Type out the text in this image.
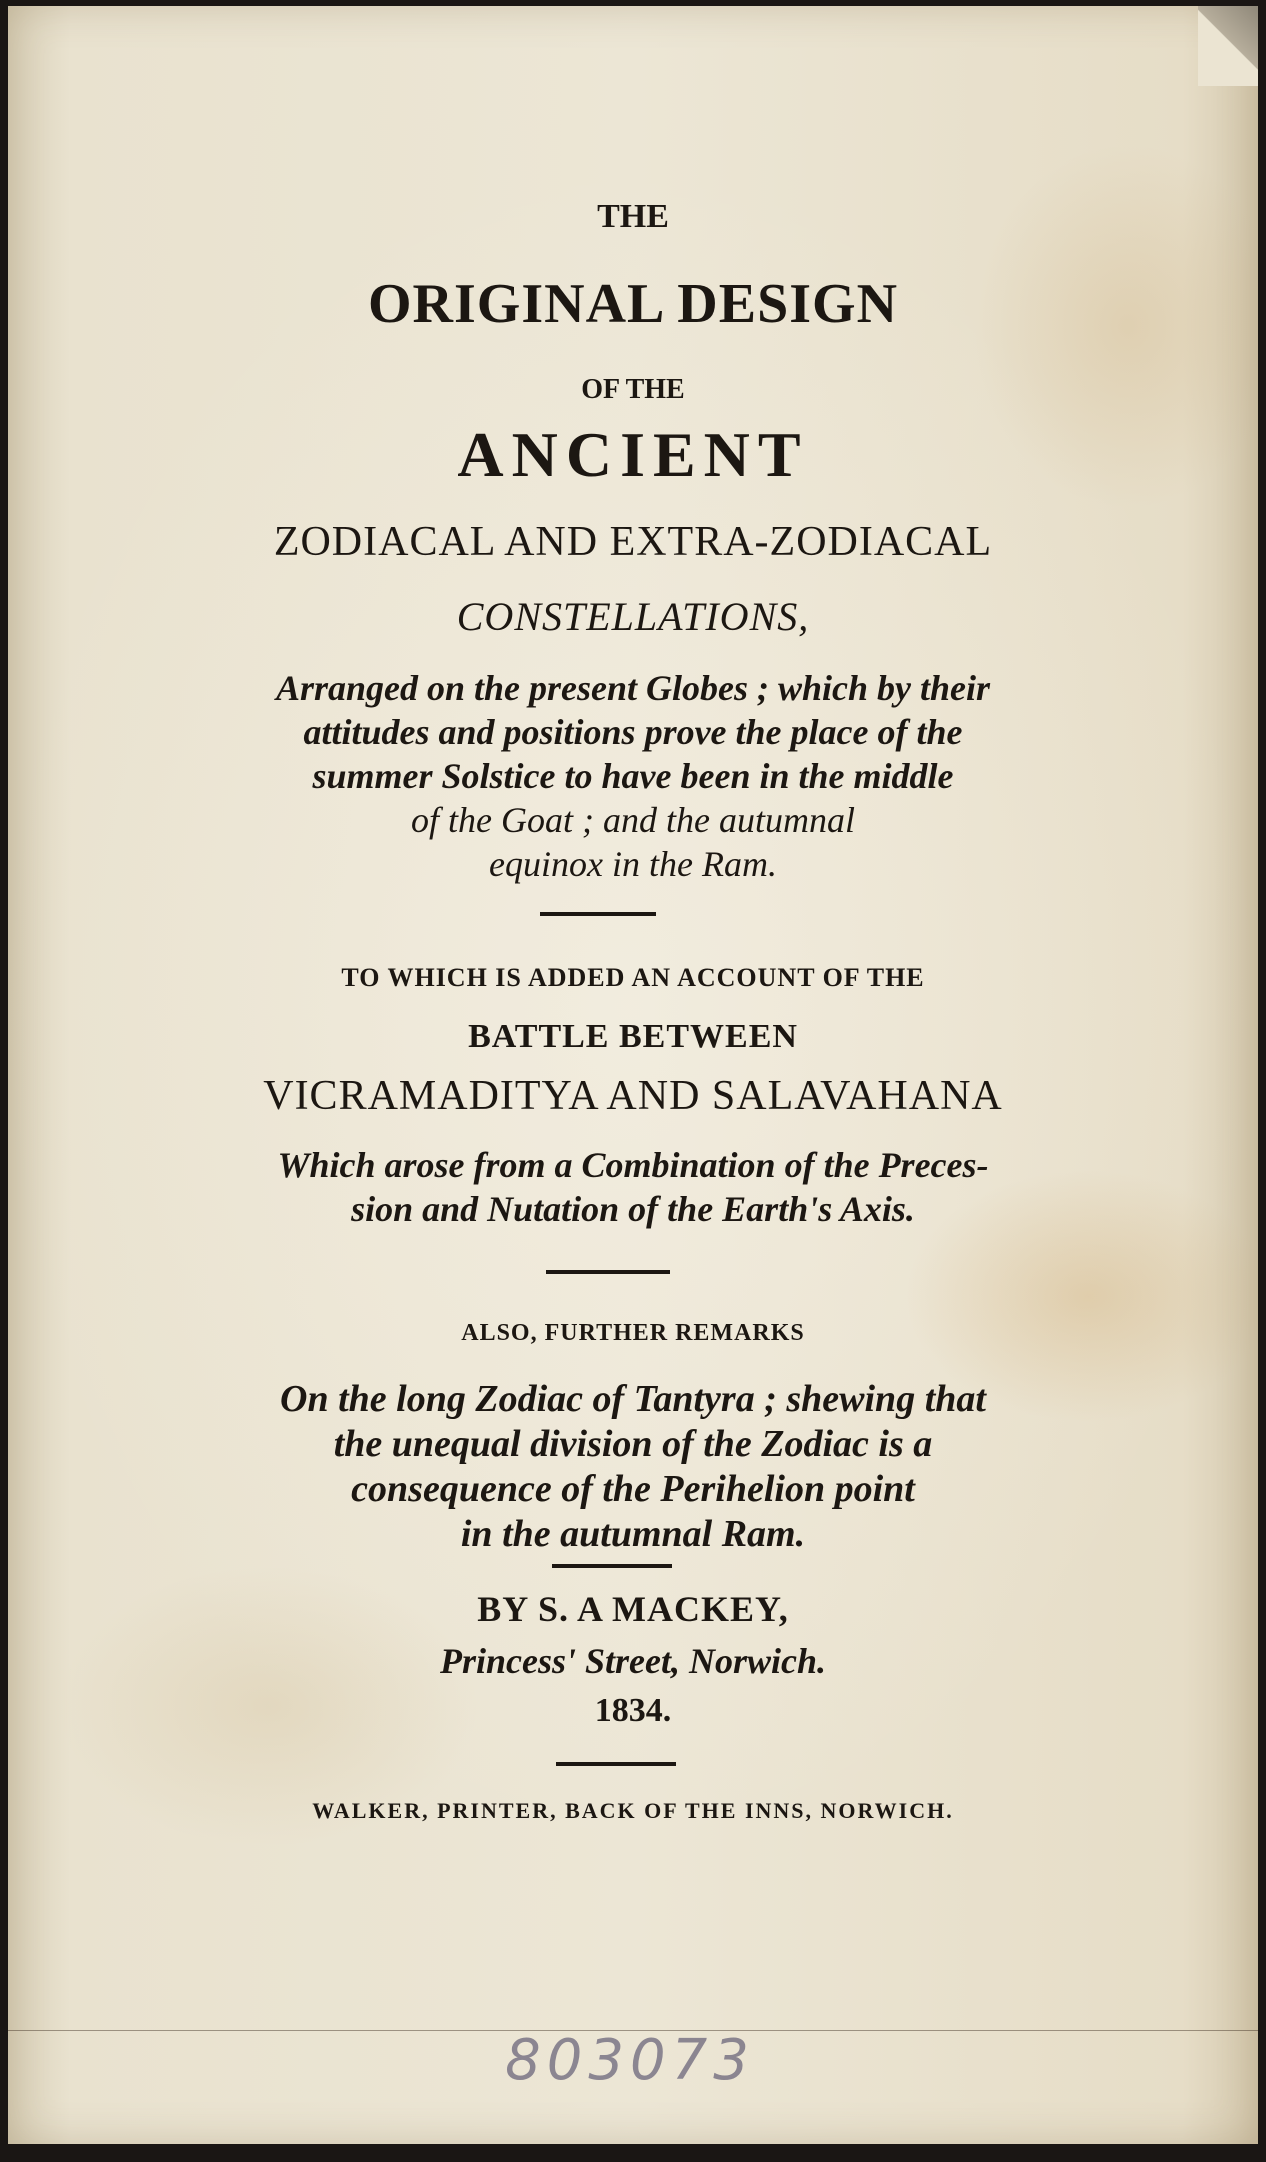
THE
ORIGINAL DESIGN
OF THE
ANCIENT
ZODIACAL AND EXTRA-ZODIACAL
CONSTELLATIONS,
Arranged on the present Globes ; which by their
attitudes and positions prove the place of the
summer Solstice to have been in the middle
of the Goat ; and the autumnal
equinox in the Ram.
TO WHICH IS ADDED AN ACCOUNT OF THE
BATTLE BETWEEN
VICRAMADITYA AND SALAVAHANA
Which arose from a Combination of the Preces-
sion and Nutation of the Earth's Axis.
ALSO, FURTHER REMARKS
On the long Zodiac of Tantyra ; shewing that
the unequal division of the Zodiac is a
consequence of the Perihelion point
in the autumnal Ram.
BY S. A MACKEY,
Princess' Street, Norwich.
1834.
WALKER, PRINTER, BACK OF THE INNS, NORWICH.
803073
